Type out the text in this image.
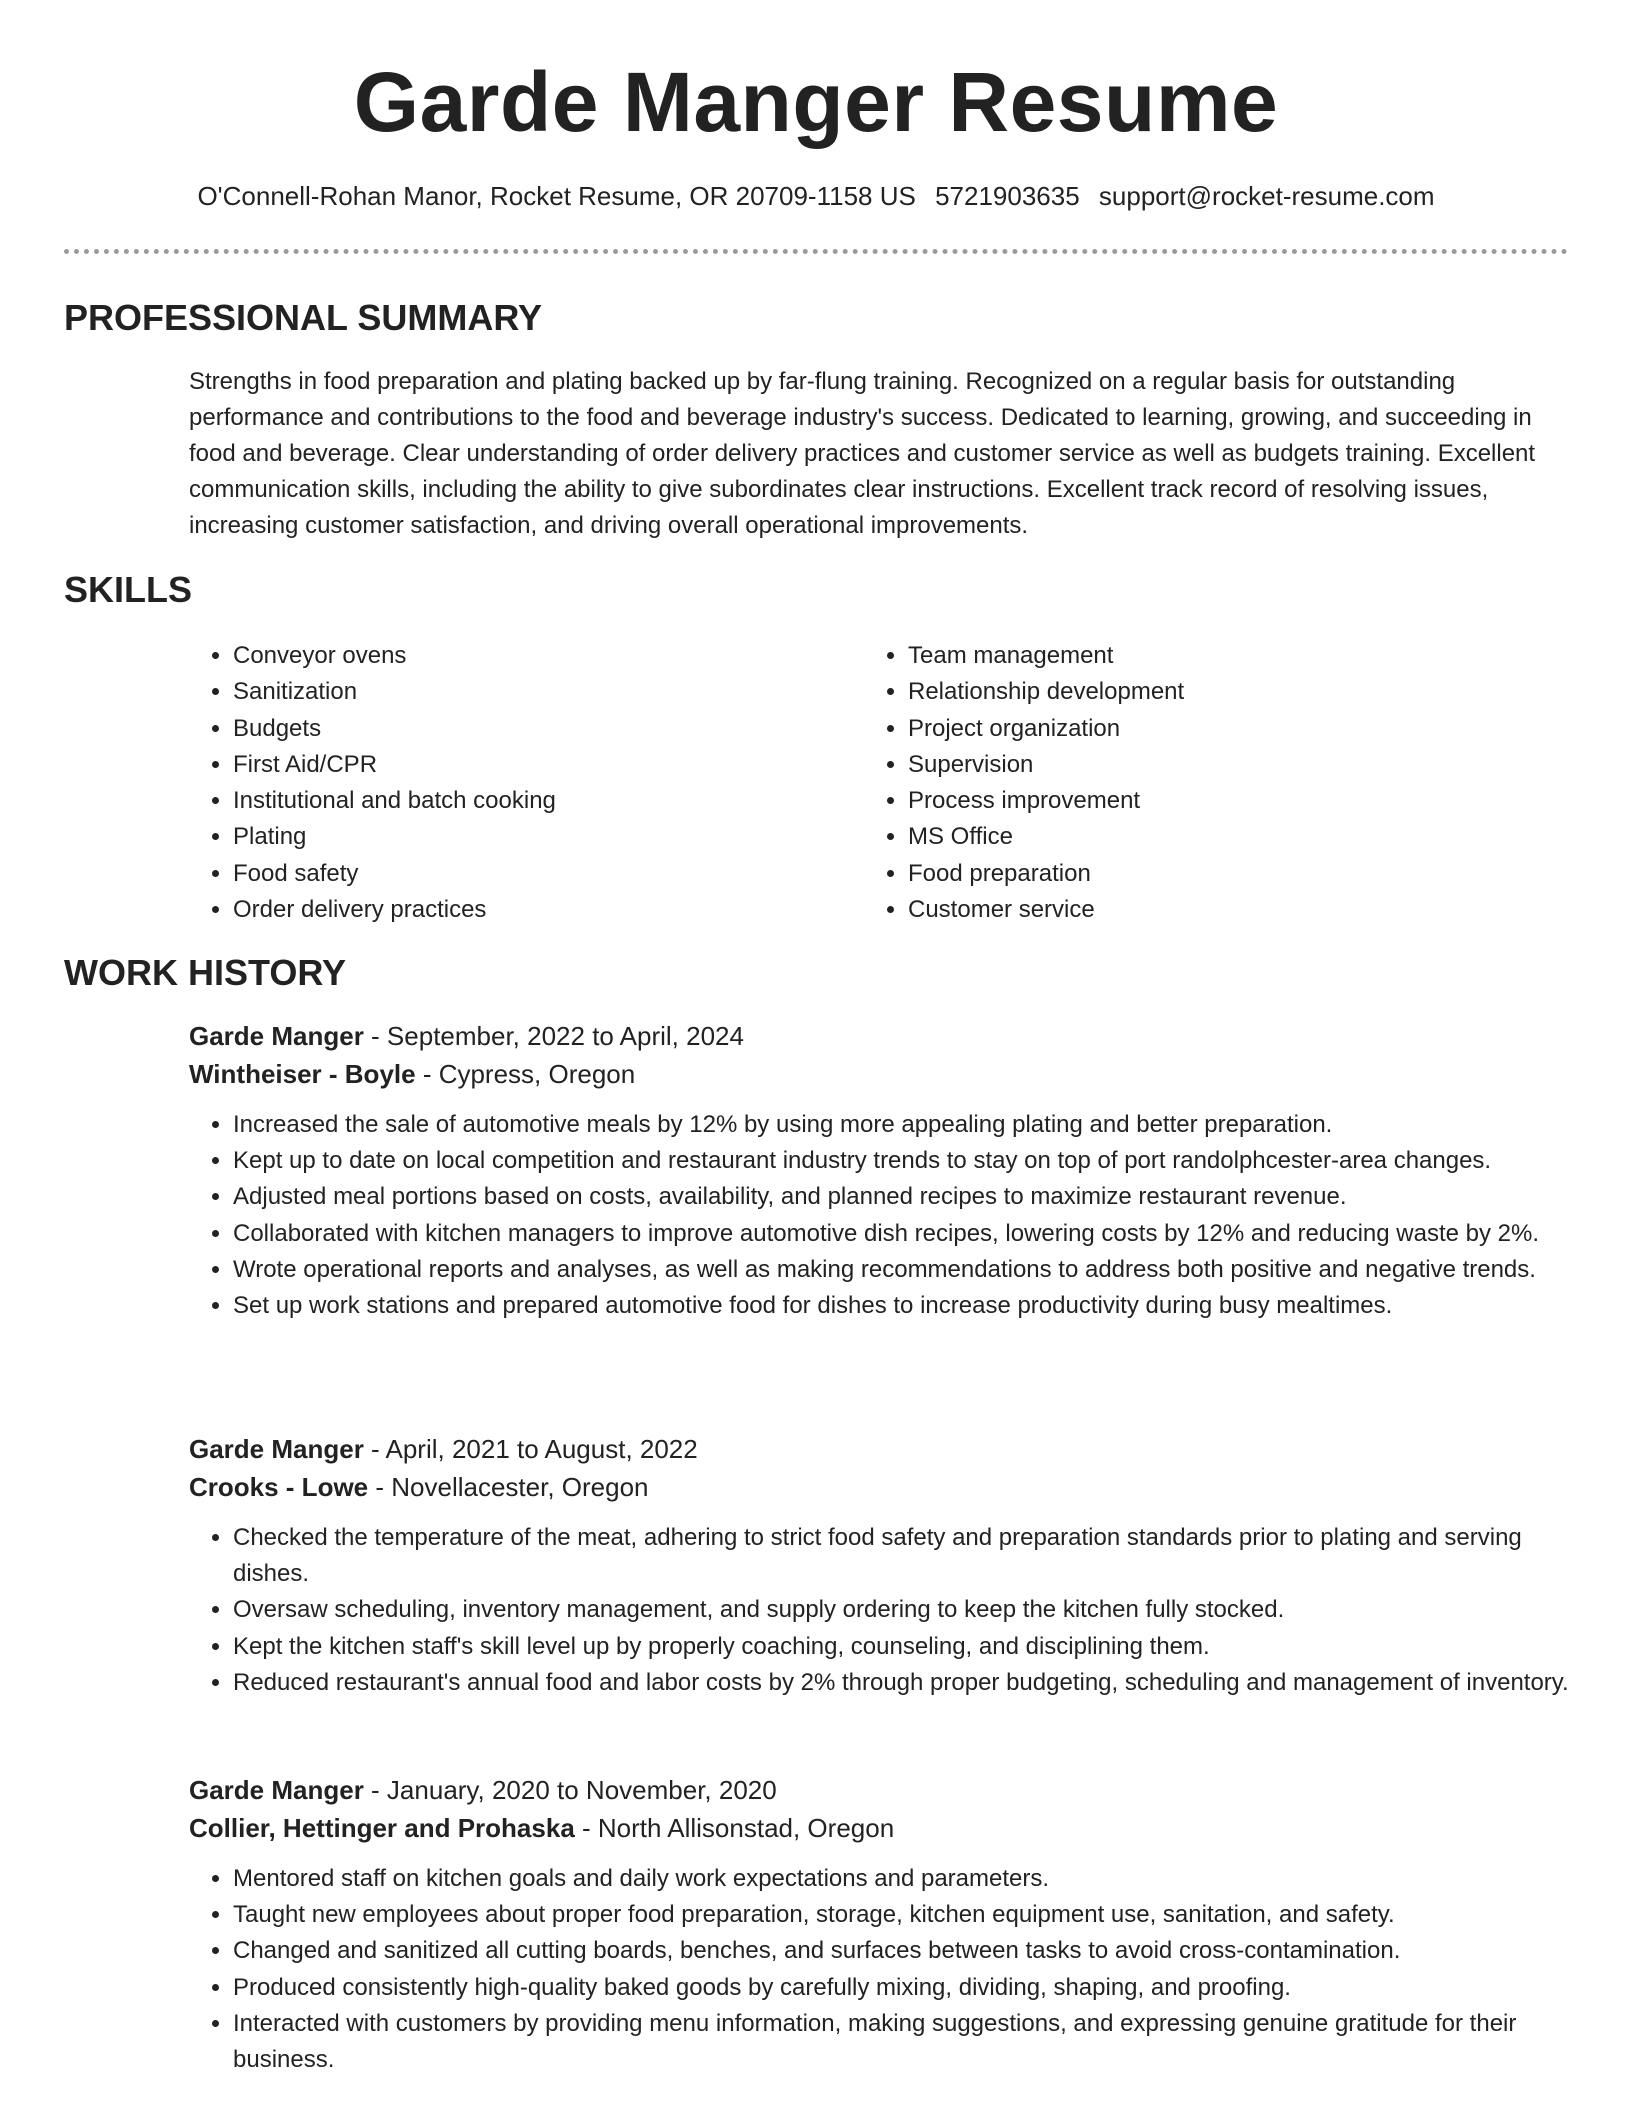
Garde Manger Resume
O'Connell-Rohan Manor, Rocket Resume, OR 20709-1158 US 5721903635 support@rocket-resume.com
PROFESSIONAL SUMMARY

Strengths in food preparation and plating backed up by far-flung training. Recognized on a regular basis for outstanding performance and contributions to the food and beverage industry's success. Dedicated to learning, growing, and succeeding in food and beverage. Clear understanding of order delivery practices and customer service as well as budgets training. Excellent communication skills, including the ability to give subordinates clear instructions. Excellent track record of resolving issues, increasing customer satisfaction, and driving overall operational improvements.

SKILLS
• Conveyor ovens
• Sanitization
• Budgets
• First Aid/CPR
• Institutional and batch cooking
• Plating
• Food safety
• Order delivery practices
• Team management
• Relationship development
• Project organization
• Supervision
• Process improvement
• MS Office
• Food preparation
• Customer service
WORK HISTORY

Garde Manger - September, 2022 to April, 2024

Wintheiser - Boyle - Cypress, Oregon

• Increased the sale of automotive meals by 12% by using more appealing plating and better preparation.
• Kept up to date on local competition and restaurant industry trends to stay on top of port randolphcester-area changes.
• Adjusted meal portions based on costs, availability, and planned recipes to maximize restaurant revenue.
• Collaborated with kitchen managers to improve automotive dish recipes, lowering costs by 12% and reducing waste by 2%.
• Wrote operational reports and analyses, as well as making recommendations to address both positive and negative trends.
• Set up work stations and prepared automotive food for dishes to increase productivity during busy mealtimes.

Garde Manger - April, 2021 to August, 2022

Crooks - Lowe - Novellacester, Oregon

• Checked the temperature of the meat, adhering to strict food safety and preparation standards prior to plating and serving dishes.
• Oversaw scheduling, inventory management, and supply ordering to keep the kitchen fully stocked.
• Kept the kitchen staff's skill level up by properly coaching, counseling, and disciplining them.
• Reduced restaurant's annual food and labor costs by 2% through proper budgeting, scheduling and management of inventory.

Garde Manger - January, 2020 to November, 2020

Collier, Hettinger and Prohaska - North Allisonstad, Oregon

• Mentored staff on kitchen goals and daily work expectations and parameters.
• Taught new employees about proper food preparation, storage, kitchen equipment use, sanitation, and safety.
• Changed and sanitized all cutting boards, benches, and surfaces between tasks to avoid cross-contamination.
• Produced consistently high-quality baked goods by carefully mixing, dividing, shaping, and proofing.
• Interacted with customers by providing menu information, making suggestions, and expressing genuine gratitude for their business.
